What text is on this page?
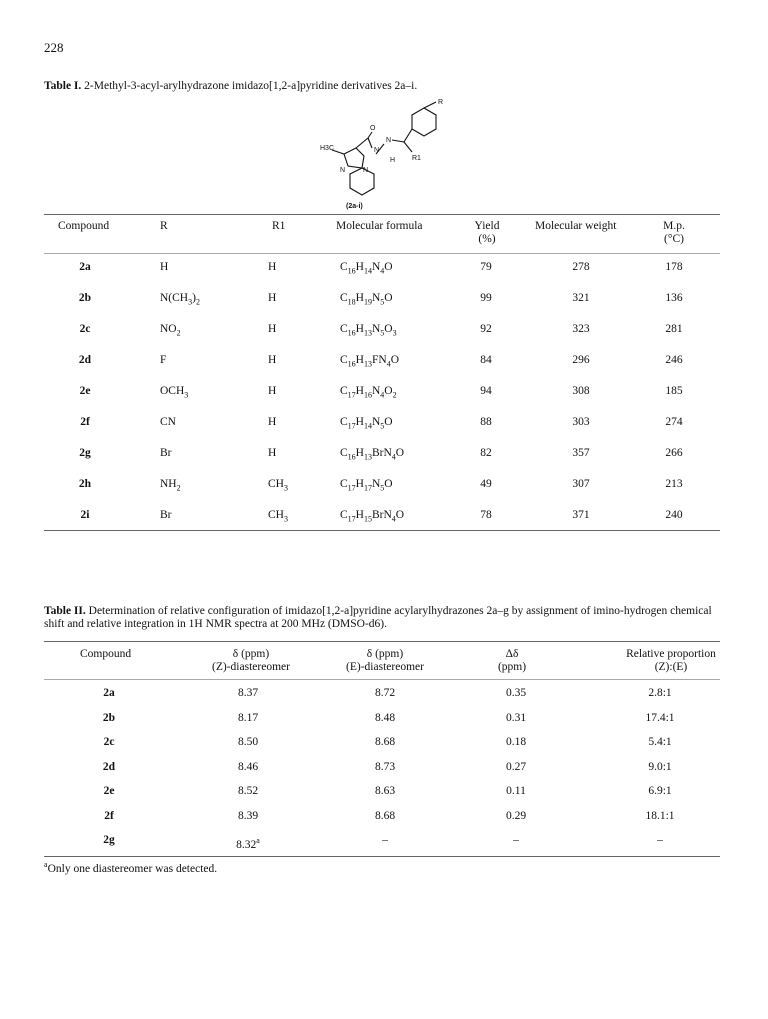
228
Table I. 2-Methyl-3-acyl-arylhydrazone imidazo[1,2-a]pyridine derivatives 2a–i.
R
R1
H3C
O
N
N
H
N	N
(2a-i)
Compound	R	R1	Molecular formula	Yield
(%)
Molecular weight	M.p.
(°C)
2a	H	H	$C_{16}H_{14}N_4O$	79	278	178
2b	$N(CH_3)_2$	H	$C_{18}H_{19}N_5O$	99	321	136
2c	$NO_2$	H	$C_{16}H_{13}N_5O_3$	92	323	281
2d	F	H	$C_{16}H_{13}FN_4O$	84	296	246
2e	$OCH_3$	H	$C_{17}H_{16}N_4O_2$	94	308	185
2f	CN	H	$C_{17}H_{14}N_5O$	88	303	274
2g	Br	H	$C_{16}H_{13}BrN_4O$	82	357	266
2h	$NH_2$	$CH_3$	$C_{17}H_{17}N_5O$	49	307	213
2i	Br	$CH_3$	$C_{17}H_{15}BrN_4O$	78	371	240
Table II. Determination of relative configuration of imidazo[1,2-a]pyridine acylarylhydrazones 2a–g by assignment of imino-hydrogen chemical shift and relative integration in 1H NMR spectra at 200 MHz (DMSO-d6).
Compound	δ (ppm)
(Z)-diastereomer
δ (ppm)
(E)-diastereomer
Δδ
(ppm)
Relative proportion
(Z):(E)
2a	8.37	8.72	0.35	2.8:1
2b	8.17	8.48	0.31	17.4:1
2c	8.50	8.68	0.18	5.4:1
2d	8.46	8.73	0.27	9.0:1
2e	8.52	8.63	0.11	6.9:1
2f	8.39	8.68	0.29	18.1:1
2g	8.32$^a$	–	–	–
$^a$Only one diastereomer was detected.
